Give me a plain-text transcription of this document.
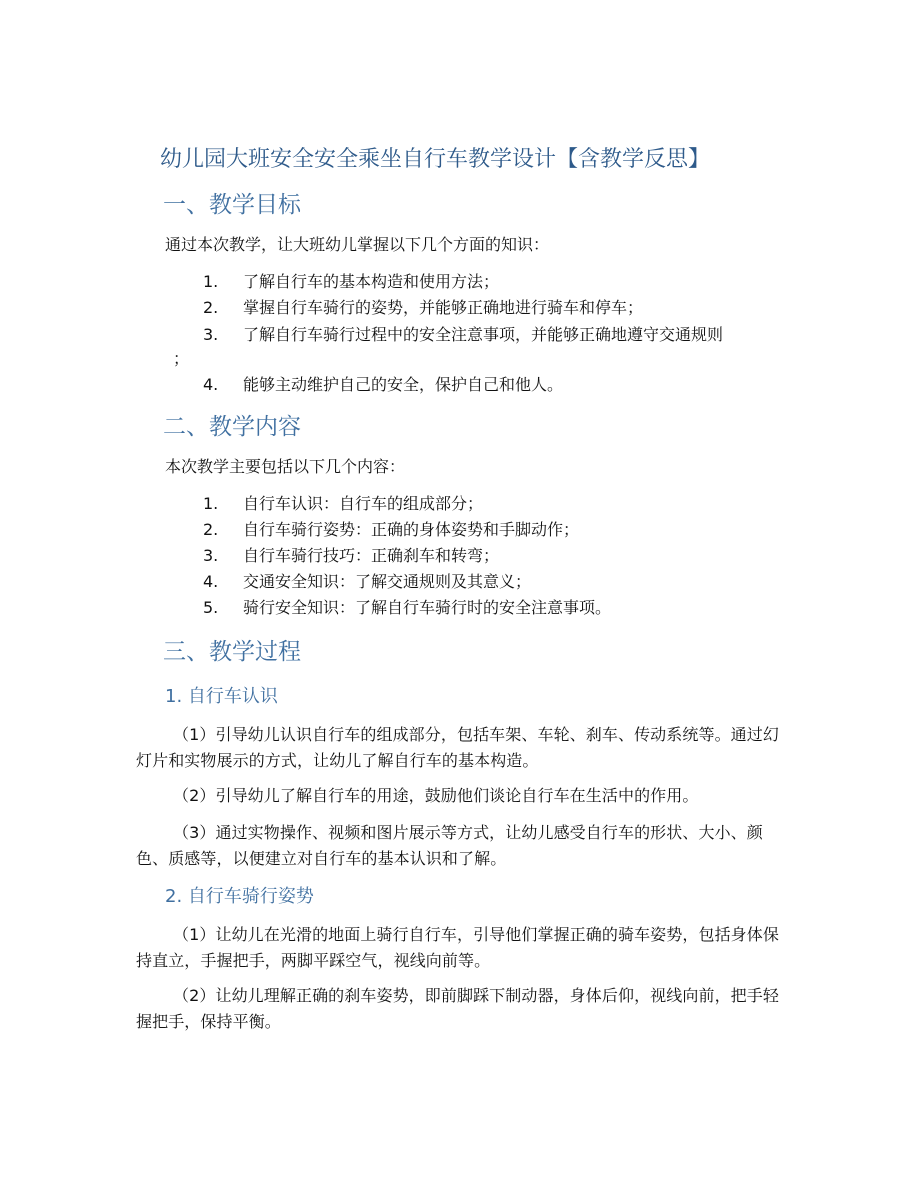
幼儿园大班安全安全乘坐自行车教学设计【含教学反思】
一、教学目标
通过本次教学，让大班幼儿掌握以下几个方面的知识：
1. 了解自行车的基本构造和使用方法；
2. 掌握自行车骑行的姿势，并能够正确地进行骑车和停车；
3. 了解自行车骑行过程中的安全注意事项，并能够正确地遵守交通规则
；
4. 能够主动维护自己的安全，保护自己和他人。
二、教学内容
本次教学主要包括以下几个内容：
1. 自行车认识：自行车的组成部分；
2. 自行车骑行姿势：正确的身体姿势和手脚动作；
3. 自行车骑行技巧：正确刹车和转弯；
4. 交通安全知识：了解交通规则及其意义；
5. 骑行安全知识：了解自行车骑行时的安全注意事项。
三、教学过程
1. 自行车认识
（1）引导幼儿认识自行车的组成部分，包括车架、车轮、刹车、传动系统等。通过幻灯片和实物展示的方式，让幼儿了解自行车的基本构造。
（2）引导幼儿了解自行车的用途，鼓励他们谈论自行车在生活中的作用。
（3）通过实物操作、视频和图片展示等方式，让幼儿感受自行车的形状、大小、颜色、质感等，以便建立对自行车的基本认识和了解。
2. 自行车骑行姿势
（1）让幼儿在光滑的地面上骑行自行车，引导他们掌握正确的骑车姿势，包括身体保持直立，手握把手，两脚平踩空气，视线向前等。
（2）让幼儿理解正确的刹车姿势，即前脚踩下制动器，身体后仰，视线向前，把手轻握把手，保持平衡。
